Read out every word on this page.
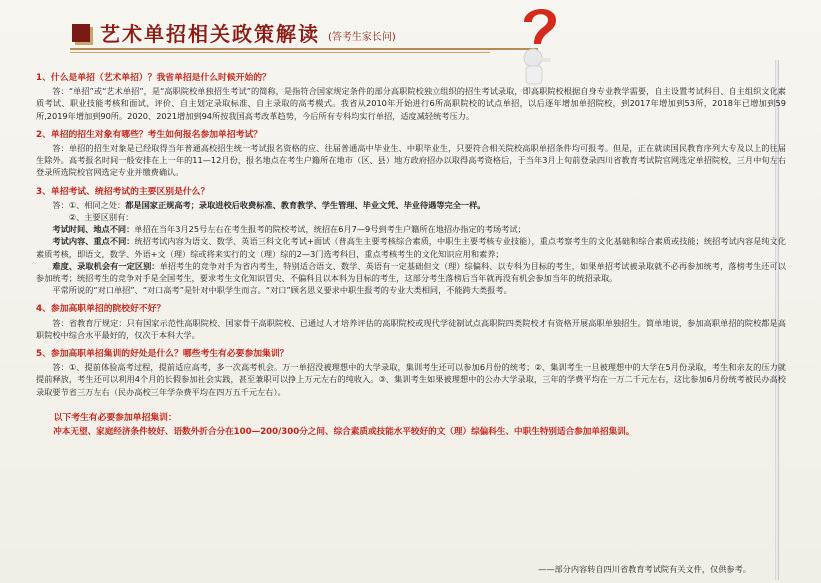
艺术单招相关政策解读 (答考生家长问)
1、什么是单招（艺术单招）？我省单招是什么时候开始的？

答：“单招”或“艺术单招”，是“高职院校单独招生考试”的简称，是指符合国家规定条件的部分高职院校独立组织的招生考试录取，即高职院校根据自身专业教学需要，自主设置考试科目、自主组织文化素质考试、职业技能考核和面试、评价、自主划定录取标准、自主录取的高考模式。我省从2010年开始进行6所高职院校的试点单招，以后逐年增加单招院校，到2017年增加到53所，2018年已增加到59所,2019年增加到90所。2020、2021增加到94所按我国高考改革趋势，今后所有专科均实行单招，适度减轻统考压力。

2、单招的招生对象有哪些？考生如何报名参加单招考试？

答：单招的招生对象是已经取得当年普通高校招生统一考试报名资格的应、往届普通高中毕业生、中职毕业生，只要符合相关院校高职单招条件均可报考。但是，正在就读国民教育序列大专及以上的往届生除外。高考报名时间一般安排在上一年的11—12月份，报名地点在考生户籍所在地市（区、县）地方政府招办以取得高考资格后，于当年3月上旬前登录四川省教育考试院官网选定单招院校，三月中旬左右登录所选院校官网选定专业并缴费确认。

3、单招考试、统招考试的主要区别是什么？

答：①、相同之处：都是国家正规高考；录取进校后收费标准、教育教学、学生管理、毕业文凭、毕业待遇等完全一样。

②、主要区别有：

考试时间、地点不同：单招在当年3月25号左右在考生报考的院校考试，统招在6月7—9号到考生户籍所在地招办指定的考场考试；

考试内容、重点不同：统招考试内容为语文、数学、英语三科文化考试+面试（普高生主要考核综合素质，中职生主要考核专业技能），重点考察考生的文化基础和综合素质或技能；统招考试内容是纯文化素质考核，即语文，数学、外语+文（理）综或将来实行的文（理）综的2—3门选考科目，重点考核考生的文化知识应用和素养；

难度、录取机会有一定区别：单招考生的竞争对手为省内考生，特别适合语文、数学、英语有一定基础但文（理）综偏科、以专科为目标的考生，如果单招考试被录取就不必再参加统考，落榜考生还可以参加统考；统招考生的竞争对手是全国考生，要求考生文化知识冒尖、不偏科且以本科为目标的考生，这部分考生落榜后当年就再没有机会参加当年的统招录取。

平常所说的“对口单招”、“对口高考”是针对中职学生而言。“对口”顾名思义要求中职生报考的专业大类相同，不能跨大类报考。

4、参加高职单招的院校好不好？

答：省教育厅规定：只有国家示范性高职院校、国家骨干高职院校、已通过人才培养评估的高职院校或现代学徒制试点高职院四类院校才有资格开展高职单独招生。简单地说，参加高职单招的院校都是高职院校中综合水平最好的，仅次于本科大学。

5、参加高职单招集训的好处是什么？哪些考生有必要参加集训？

答：①、提前体验高考过程，提前适应高考，多一次高考机会。万一单招没被理想中的大学录取，集训考生还可以参加6月份的统考；②、集训考生一旦被理想中的大学在5月份录取，考生和亲友的压力就提前释放，考生还可以利用4个月的长假参加社会实践，甚至兼职可以挣上万元左右的纯收入。③、集训考生如果被理想中的公办大学录取，三年的学费平均在一万二千元左右，这比参加6月份统考被民办高校录取要节省三万左右（民办高校三年学杂费平均在四万五千元左右）。

以下考生有必要参加单招集训：

冲本无望、家庭经济条件较好、语数外折合分在100—200/300分之间、综合素质或技能水平较好的文（理）综偏科生、中职生特别适合参加单招集训。

——部分内容转自四川省教育考试院有关文件，仅供参考。
